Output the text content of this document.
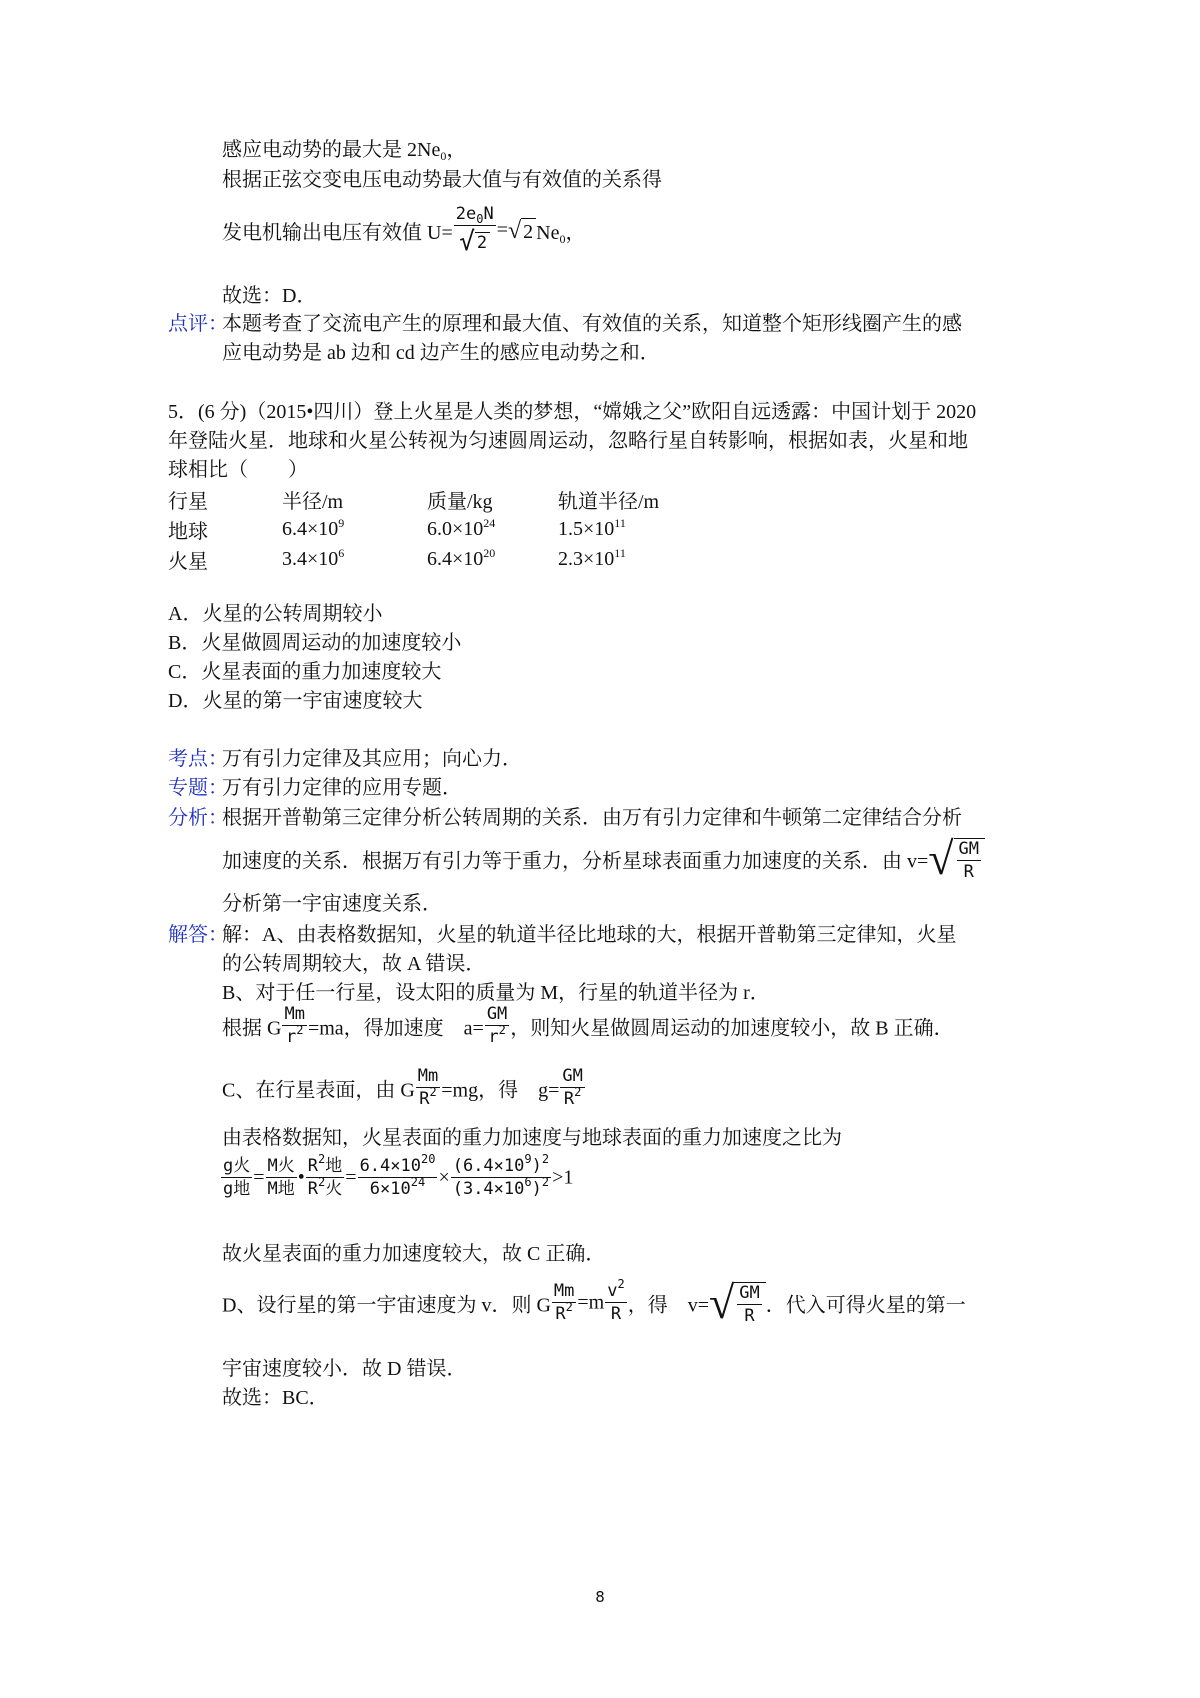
感应电动势的最大是 $2Ne_0$，
根据正弦交变电压电动势最大值与有效值的关系得
发电机输出电压有效值 $U= \frac{2e_0N}{√ 2}$ =√ 2 $Ne_0$，
故选：D．
点评：
本题考查了交流电产生的原理和最大值、有效值的关系，知道整个矩形线圈产生的感
应电动势是 ab 边和 cd 边产生的感应电动势之和．
5．(6 分)（2015•四川）登上火星是人类的梦想，“嫦娥之父”欧阳自远透露：中国计划于 2020
年登陆火星．地球和火星公转视为匀速圆周运动，忽略行星自转影响，根据如表，火星和地
球相比（　　）
行星	半径/m	质量/kg	轨道半径/m
地球	$6.4\times 10^9$	$6.0\times 10^{24}$	$1.5\times 10^{11}$
火星	$3.4\times 10^6$	$6.4\times 10^{20}$	$2.3\times 10^{11}$
A．火星的公转周期较小
B．火星做圆周运动的加速度较小
C．火星表面的重力加速度较大
D．火星的第一宇宙速度较大
考点：
万有引力定律及其应用；向心力．
专题：
万有引力定律的应用专题．
分析：
根据开普勒第三定律分析公转周期的关系．由万有引力定律和牛顿第二定律结合分析
加速度的关系．根据万有引力等于重力，分析星球表面重力加速度的关系．由 $v=√ \frac{GM}{R}$
分析第一宇宙速度关系．
解答：
解：A、由表格数据知，火星的轨道半径比地球的大，根据开普勒第三定律知，火星
的公转周期较大，故 A 错误．
B、对于任一行星，设太阳的质量为 M，行星的轨道半径为 r．
根据 G $\frac{Mm}{r^2} =ma$，得加速度　$a= \frac{GM}{r^2}$ ，则知火星做圆周运动的加速度较小，故 B 正确．
C、在行星表面，由 G $\frac{Mm}{R^2} =mg$，得　$g= \frac{GM}{R^2}$
由表格数据知，火星表面的重力加速度与地球表面的重力加速度之比为
$\frac{\text{g火}}{\text{g地}} = \frac{\text{M火}}{\text{M地}}$ • $\frac{R^2地}{R^2火} = \frac{6.4\times 10^{20}}{6\times 10^{24}} \times \frac{(6.4\times 10^9)^2}{(3.4\times 10^6)^2} >1$
故火星表面的重力加速度较大，故 C 正确．
D、设行星的第一宇宙速度为 v．则 G $\frac{Mm}{R^2} =m \frac{v^2}{R}$ ，得　$v=√ \frac{GM}{R}$ ．代入可得火星的第一
宇宙速度较小．故 D 错误．
故选：BC．
8
